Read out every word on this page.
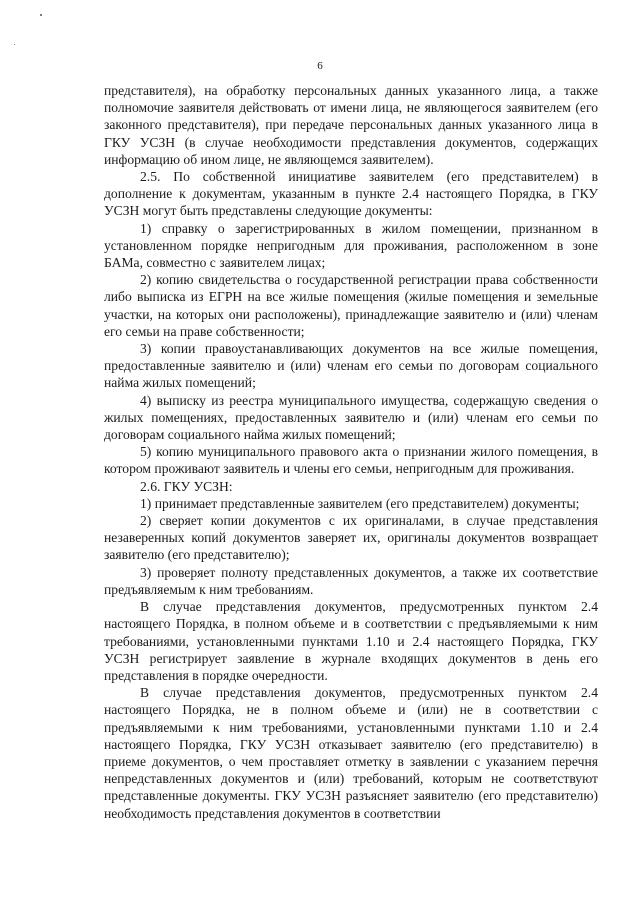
6

представителя), на обработку персональных данных указанного лица, а также полномочие заявителя действовать от имени лица, не являющегося заявителем (его законного представителя), при передаче персональных данных указанного лица в ГКУ УСЗН (в случае необходимости представления документов, содержащих информацию об ином лице, не являющемся заявителем).

2.5. По собственной инициативе заявителем (его представителем) в дополнение к документам, указанным в пункте 2.4 настоящего Порядка, в ГКУ УСЗН могут быть представлены следующие документы:

1) справку о зарегистрированных в жилом помещении, признанном в установленном порядке непригодным для проживания, расположенном в зоне БАМа, совместно с заявителем лицах;

2) копию свидетельства о государственной регистрации права собственности либо выписка из ЕГРН на все жилые помещения (жилые помещения и земельные участки, на которых они расположены), принадлежащие заявителю и (или) членам его семьи на праве собственности;

3) копии правоустанавливающих документов на все жилые помещения, предоставленные заявителю и (или) членам его семьи по договорам социального найма жилых помещений;

4) выписку из реестра муниципального имущества, содержащую сведения о жилых помещениях, предоставленных заявителю и (или) членам его семьи по договорам социального найма жилых помещений;

5) копию муниципального правового акта о признании жилого помещения, в котором проживают заявитель и члены его семьи, непригодным для проживания.

2.6. ГКУ УСЗН:

1) принимает представленные заявителем (его представителем) документы;

2) сверяет копии документов с их оригиналами, в случае представления незаверенных копий документов заверяет их, оригиналы документов возвращает заявителю (его представителю);

3) проверяет полноту представленных документов, а также их соответствие предъявляемым к ним требованиям.

В случае представления документов, предусмотренных пунктом 2.4 настоящего Порядка, в полном объеме и в соответствии с предъявляемыми к ним требованиями, установленными пунктами 1.10 и 2.4 настоящего Порядка, ГКУ УСЗН регистрирует заявление в журнале входящих документов в день его представления в порядке очередности.

В случае представления документов, предусмотренных пунктом 2.4 настоящего Порядка, не в полном объеме и (или) не в соответствии с предъявляемыми к ним требованиями, установленными пунктами 1.10 и 2.4 настоящего Порядка, ГКУ УСЗН отказывает заявителю (его представителю) в приеме документов, о чем проставляет отметку в заявлении с указанием перечня непредставленных документов и (или) требований, которым не соответствуют представленные документы. ГКУ УСЗН разъясняет заявителю (его представителю) необходимость представления документов в соответствии
